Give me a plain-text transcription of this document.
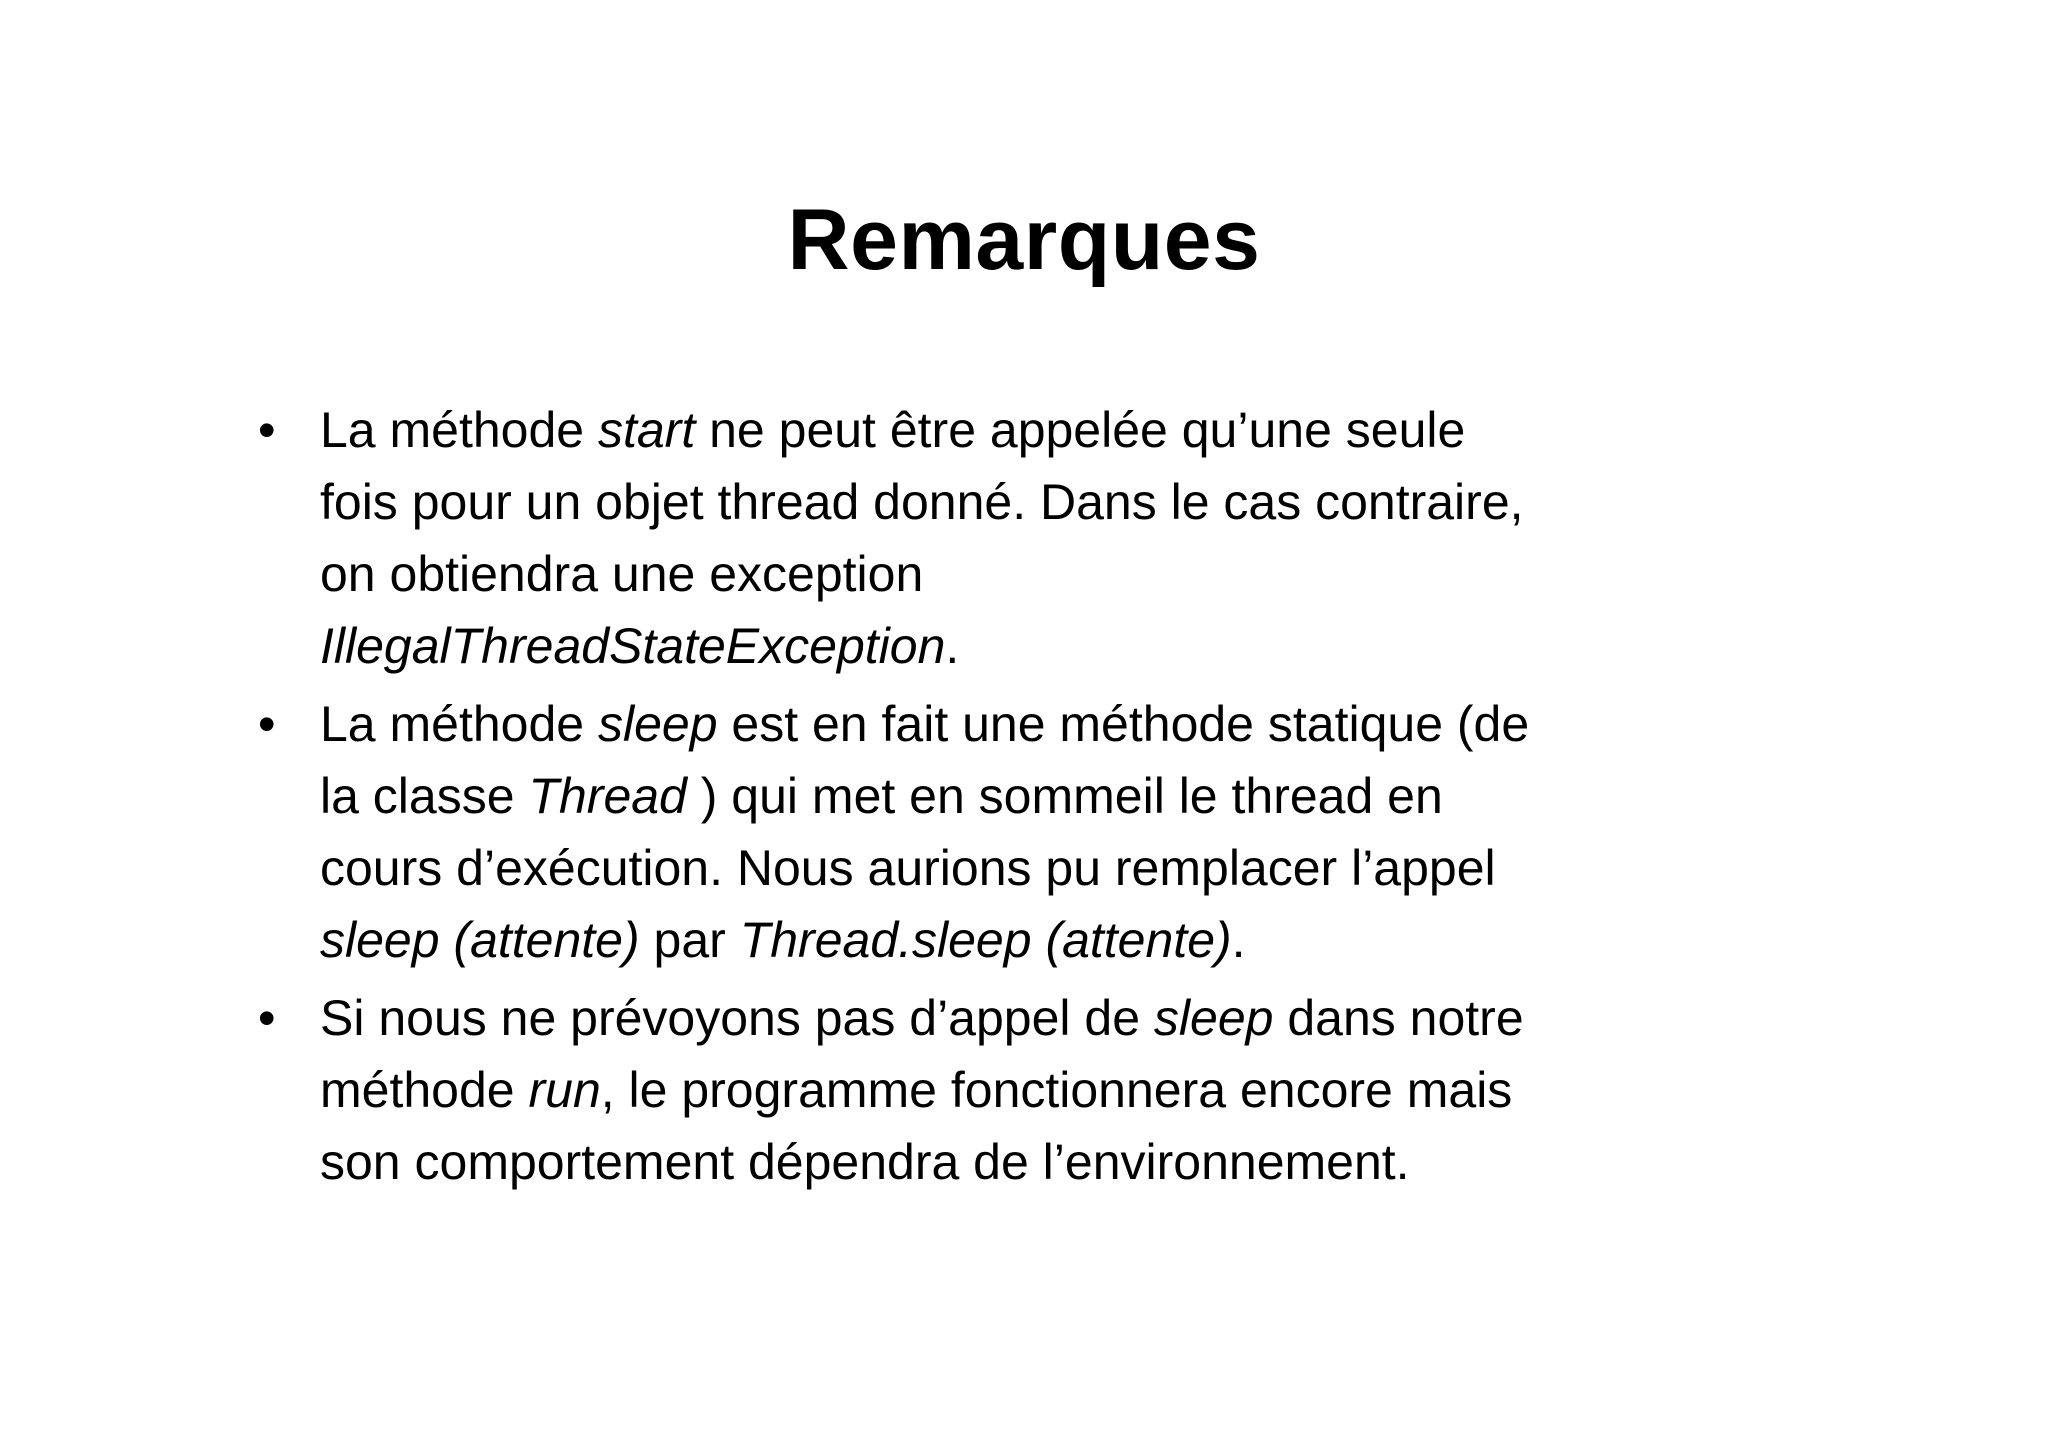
Remarques
• La méthode start ne peut être appelée qu’une seule
fois pour un objet thread donné. Dans le cas contraire,
on obtiendra une exception
IllegalThreadStateException.
• La méthode sleep est en fait une méthode statique (de
la classe Thread ) qui met en sommeil le thread en
cours d’exécution. Nous aurions pu remplacer l’appel
sleep (attente) par Thread.sleep (attente).
• Si nous ne prévoyons pas d’appel de sleep dans notre
méthode run, le programme fonctionnera encore mais
son comportement dépendra de l’environnement.
